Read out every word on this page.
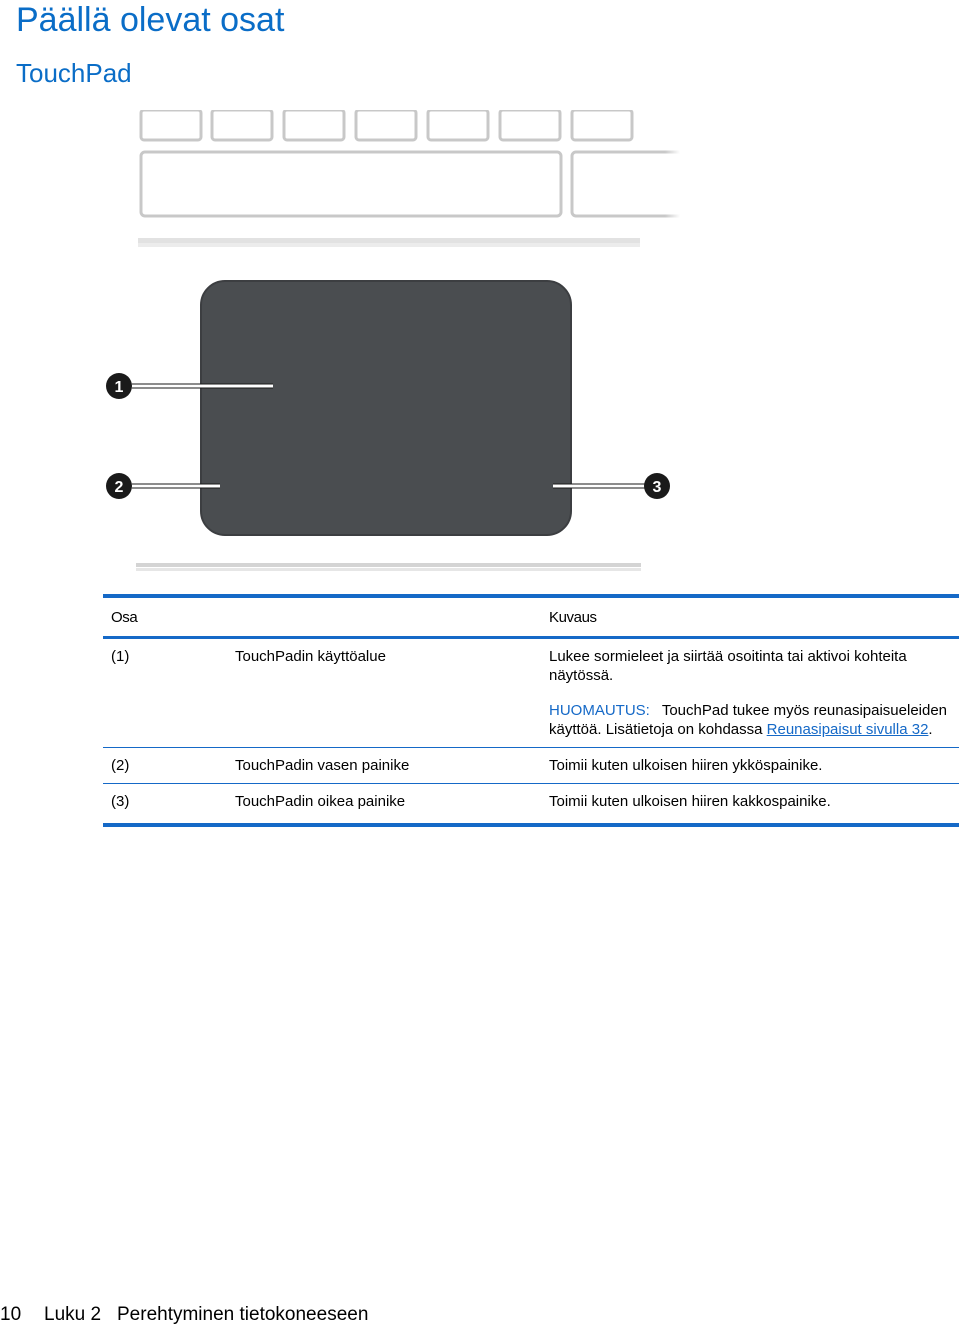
Päällä olevat osat
TouchPad
1
2	3
Osa		Kuvaus
(1)	TouchPadin käyttöalue	Lukee sormieleet ja siirtää osoitinta tai aktivoi kohteita näytössä.
HUOMAUTUS: TouchPad tukee myös reunasipaisueleiden käyttöä. Lisätietoja on kohdassa Reunasipaisut sivulla 32.

(2)	TouchPadin vasen painike	Toimii kuten ulkoisen hiiren ykköspainike.
(3)	TouchPadin oikea painike	Toimii kuten ulkoisen hiiren kakkospainike.
10 Luku 2 Perehtyminen tietokoneeseen
